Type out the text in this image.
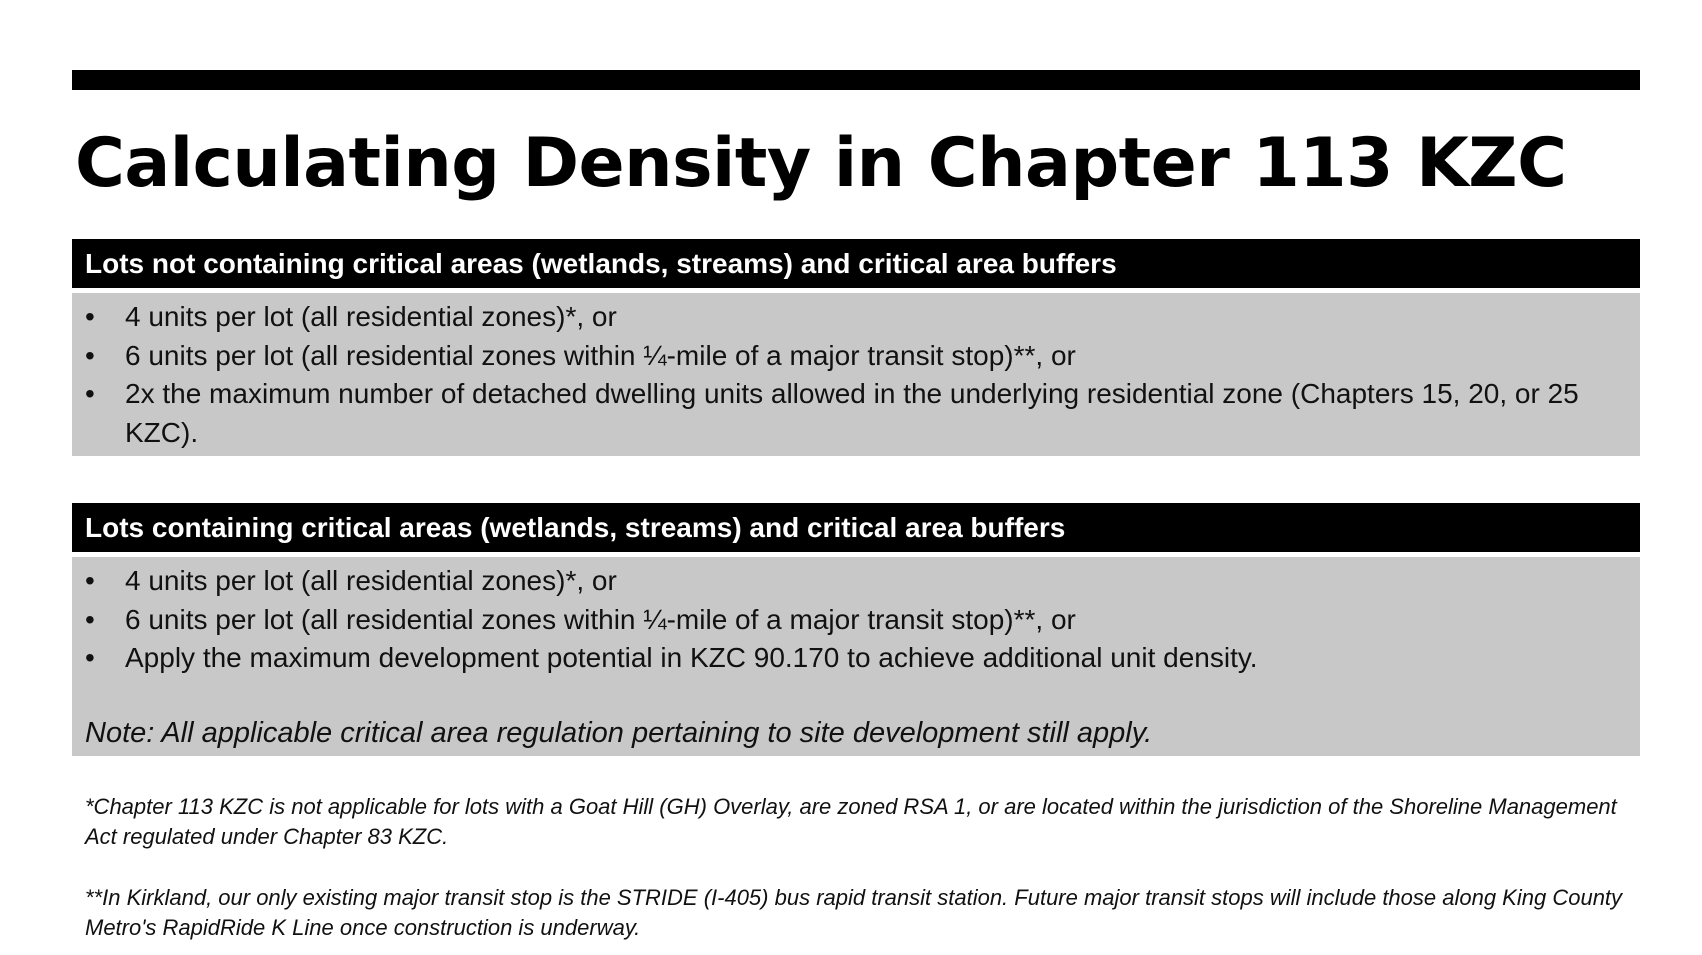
Calculating Density in Chapter 113 KZC
Lots not containing critical areas (wetlands, streams) and critical area buffers
•	4 units per lot (all residential zones)*, or
•	6 units per lot (all residential zones within ¼-mile of a major transit stop)**, or
•	2x the maximum number of detached dwelling units allowed in the underlying residential zone (Chapters 15, 20, or 25 KZC).
Lots containing critical areas (wetlands, streams) and critical area buffers
•	4 units per lot (all residential zones)*, or
•	6 units per lot (all residential zones within ¼-mile of a major transit stop)**, or
•	Apply the maximum development potential in KZC 90.170 to achieve additional unit density.
Note: All applicable critical area regulation pertaining to site development still apply.

*Chapter 113 KZC is not applicable for lots with a Goat Hill (GH) Overlay, are zoned RSA 1, or are located within the jurisdiction of the Shoreline Management Act regulated under Chapter 83 KZC.

**In Kirkland, our only existing major transit stop is the STRIDE (I-405) bus rapid transit station. Future major transit stops will include those along King County Metro's RapidRide K Line once construction is underway.
